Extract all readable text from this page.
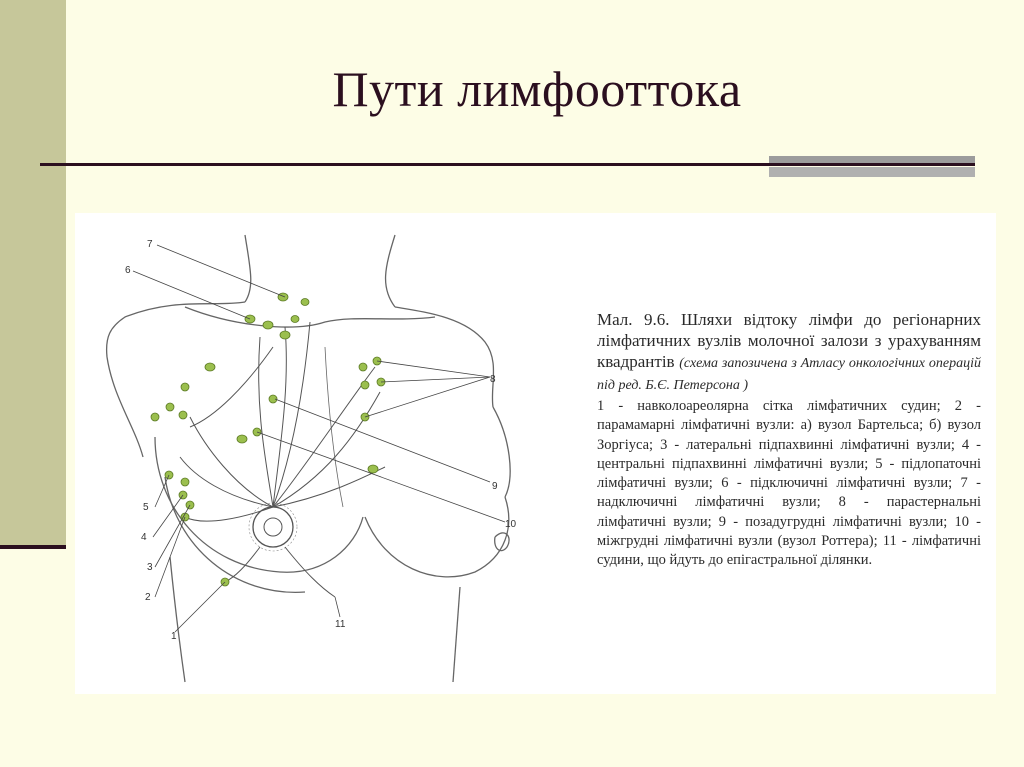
Пути лимфооттока
7
6
8
9
10
5
4
3
2
1
11
Мал. 9.6. Шляхи відтоку лімфи до регіонарних лімфатичних вузлів молочної залози з урахуванням квадрантів (схема запозичена з Атласу онкологічних операцій під ред. Б.Є. Петерсона )
1 - навколоареолярна сітка лімфатичних судин; 2 - парамамарні лімфатичні вузли: а) вузол Бартельса; б) вузол Зоргіуса; 3 - латеральні підпахвинні лімфатичні вузли; 4 - центральні підпахвинні лімфатичні вузли; 5 - підлопаточні лімфатичні вузли; 6 - підключичні лімфатичні вузли; 7 - надключичні лімфатичні вузли; 8 - парастернальні лімфатичні вузли; 9 - позадугрудні лімфатичні вузли; 10 - міжгрудні лімфатичні вузли (вузол Роттера); 11 - лімфатичні судини, що йдуть до епігастральної ділянки.
